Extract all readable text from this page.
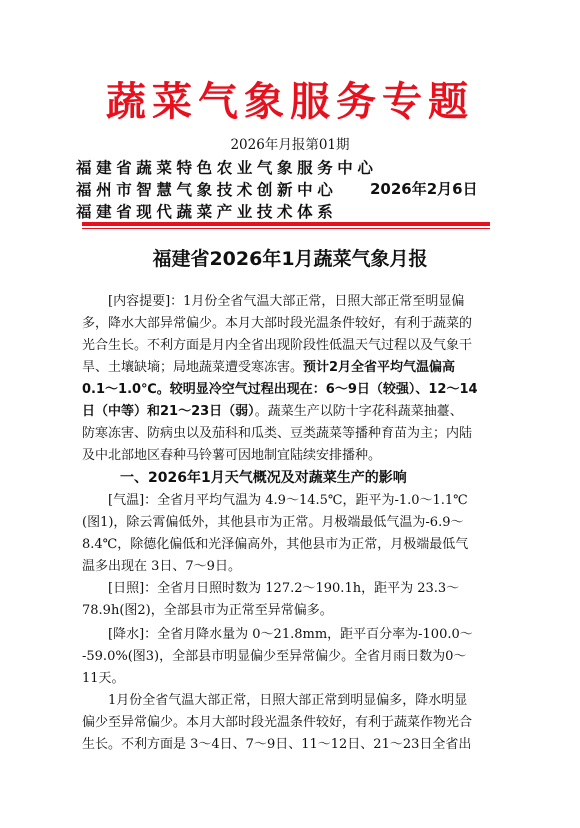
蔬菜气象服务专题
2026年月报第01期
福建省蔬菜特色农业气象服务中心
福州市智慧气象技术创新中心 2026年2月6日
福建省现代蔬菜产业技术体系
福建省2026年1月蔬菜气象月报
[内容提要]：1月份全省气温大部正常，日照大部正常至明显偏
多，降水大部异常偏少。本月大部时段光温条件较好，有利于蔬菜的
光合生长。不利方面是月内全省出现阶段性低温天气过程以及气象干
旱、土壤缺墒；局地蔬菜遭受寒冻害。预计2月全省平均气温偏高
0.1～1.0℃。较明显冷空气过程出现在：6～9日（较强）、12～14
日（中等）和21～23日（弱）。蔬菜生产以防十字花科蔬菜抽薹、
防寒冻害、防病虫以及茄科和瓜类、豆类蔬菜等播种育苗为主；内陆
及中北部地区春种马铃薯可因地制宜陆续安排播种。
一、2026年1月天气概况及对蔬菜生产的影响
[气温]：全省月平均气温为 4.9～14.5℃，距平为-1.0～1.1℃
(图1)，除云霄偏低外，其他县市为正常。月极端最低气温为-6.9～
8.4℃，除德化偏低和光泽偏高外，其他县市为正常，月极端最低气
温多出现在 3日、7～9日。
[日照]：全省月日照时数为 127.2～190.1h，距平为 23.3～
78.9h(图2)，全部县市为正常至异常偏多。
[降水]：全省月降水量为 0～21.8mm，距平百分率为-100.0～
-59.0%(图3)，全部县市明显偏少至异常偏少。全省月雨日数为0～
11天。
1月份全省气温大部正常，日照大部正常到明显偏多，降水明显
偏少至异常偏少。本月大部时段光温条件较好，有利于蔬菜作物光合
生长。不利方面是 3～4日、7～9日、11～12日、21～23日全省出
